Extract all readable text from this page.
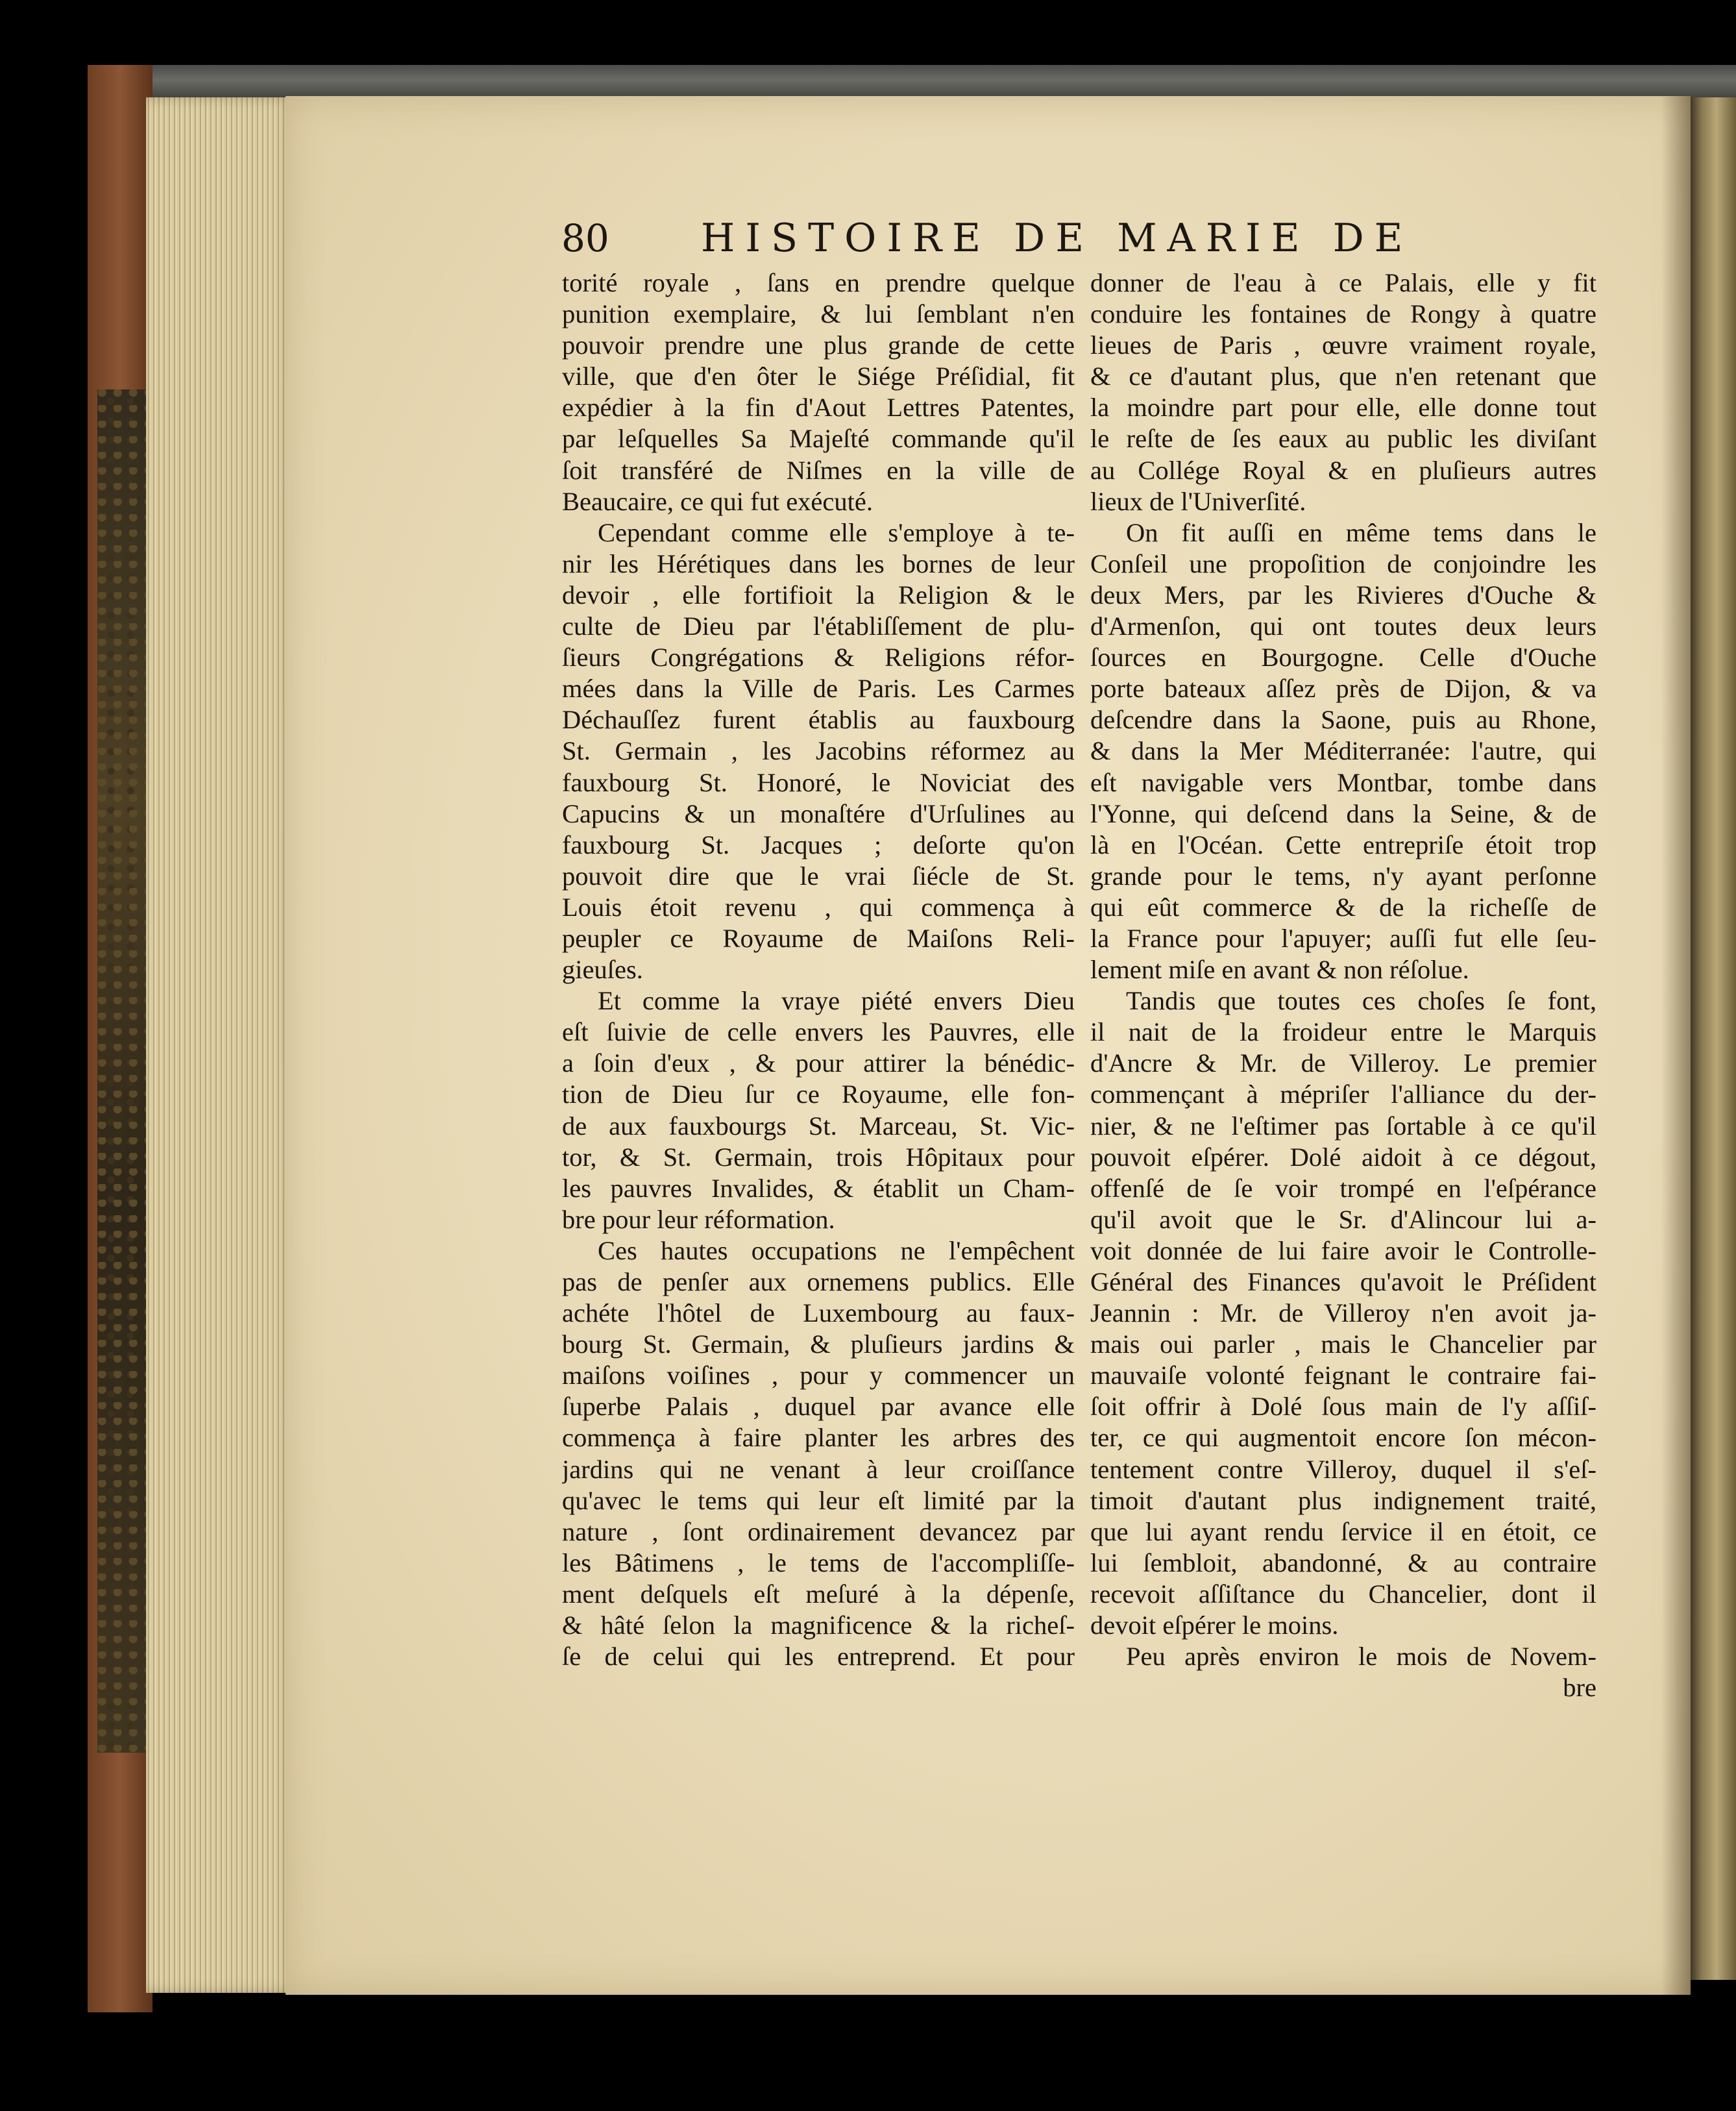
80 HISTOIRE DE MARIE DE
torité royale , ſans en prendre quelque
punition exemplaire, & lui ſemblant n'en
pouvoir prendre une plus grande de cette
ville, que d'en ôter le Siége Préſidial, fit
expédier à la fin d'Aout Lettres Patentes,
par leſquelles Sa Majeſté commande qu'il
ſoit transféré de Niſmes en la ville de
Beaucaire, ce qui fut exécuté.
Cependant comme elle s'employe à te-
nir les Hérétiques dans les bornes de leur
devoir , elle fortifioit la Religion & le
culte de Dieu par l'établiſſement de plu-
ſieurs Congrégations & Religions réfor-
mées dans la Ville de Paris. Les Carmes
Déchauſſez furent établis au fauxbourg
St. Germain , les Jacobins réformez au
fauxbourg St. Honoré, le Noviciat des
Capucins & un monaſtére d'Urſulines au
fauxbourg St. Jacques ; deſorte qu'on
pouvoit dire que le vrai ſiécle de St.
Louis étoit revenu , qui commença à
peupler ce Royaume de Maiſons Reli-
gieuſes.
Et comme la vraye piété envers Dieu
eſt ſuivie de celle envers les Pauvres, elle
a ſoin d'eux , & pour attirer la bénédic-
tion de Dieu ſur ce Royaume, elle fon-
de aux fauxbourgs St. Marceau, St. Vic-
tor, & St. Germain, trois Hôpitaux pour
les pauvres Invalides, & établit un Cham-
bre pour leur réformation.
Ces hautes occupations ne l'empêchent
pas de penſer aux ornemens publics. Elle
achéte l'hôtel de Luxembourg au faux-
bourg St. Germain, & pluſieurs jardins &
maiſons voiſines , pour y commencer un
ſuperbe Palais , duquel par avance elle
commença à faire planter les arbres des
jardins qui ne venant à leur croiſſance
qu'avec le tems qui leur eſt limité par la
nature , ſont ordinairement devancez par
les Bâtimens , le tems de l'accompliſſe-
ment deſquels eſt meſuré à la dépenſe,
& hâté ſelon la magnificence & la richeſ-
ſe de celui qui les entreprend. Et pour
donner de l'eau à ce Palais, elle y fit
conduire les fontaines de Rongy à quatre
lieues de Paris , œuvre vraiment royale,
& ce d'autant plus, que n'en retenant que
la moindre part pour elle, elle donne tout
le reſte de ſes eaux au public les diviſant
au Collége Royal & en pluſieurs autres
lieux de l'Univerſité.
On fit auſſi en même tems dans le
Conſeil une propoſition de conjoindre les
deux Mers, par les Rivieres d'Ouche &
d'Armenſon, qui ont toutes deux leurs
ſources en Bourgogne. Celle d'Ouche
porte bateaux aſſez près de Dijon, & va
deſcendre dans la Saone, puis au Rhone,
& dans la Mer Méditerranée: l'autre, qui
eſt navigable vers Montbar, tombe dans
l'Yonne, qui deſcend dans la Seine, & de
là en l'Océan. Cette entrepriſe étoit trop
grande pour le tems, n'y ayant perſonne
qui eût commerce & de la richeſſe de
la France pour l'apuyer; auſſi fut elle ſeu-
lement miſe en avant & non réſolue.
Tandis que toutes ces choſes ſe font,
il nait de la froideur entre le Marquis
d'Ancre & Mr. de Villeroy. Le premier
commençant à mépriſer l'alliance du der-
nier, & ne l'eſtimer pas ſortable à ce qu'il
pouvoit eſpérer. Dolé aidoit à ce dégout,
offenſé de ſe voir trompé en l'eſpérance
qu'il avoit que le Sr. d'Alincour lui a-
voit donnée de lui faire avoir le Controlle-
Général des Finances qu'avoit le Préſident
Jeannin : Mr. de Villeroy n'en avoit ja-
mais oui parler , mais le Chancelier par
mauvaiſe volonté feignant le contraire fai-
ſoit offrir à Dolé ſous main de l'y aſſiſ-
ter, ce qui augmentoit encore ſon mécon-
tentement contre Villeroy, duquel il s'eſ-
timoit d'autant plus indignement traité,
que lui ayant rendu ſervice il en étoit, ce
lui ſembloit, abandonné, & au contraire
recevoit aſſiſtance du Chancelier, dont il
devoit eſpérer le moins.
Peu après environ le mois de Novem-
bre
